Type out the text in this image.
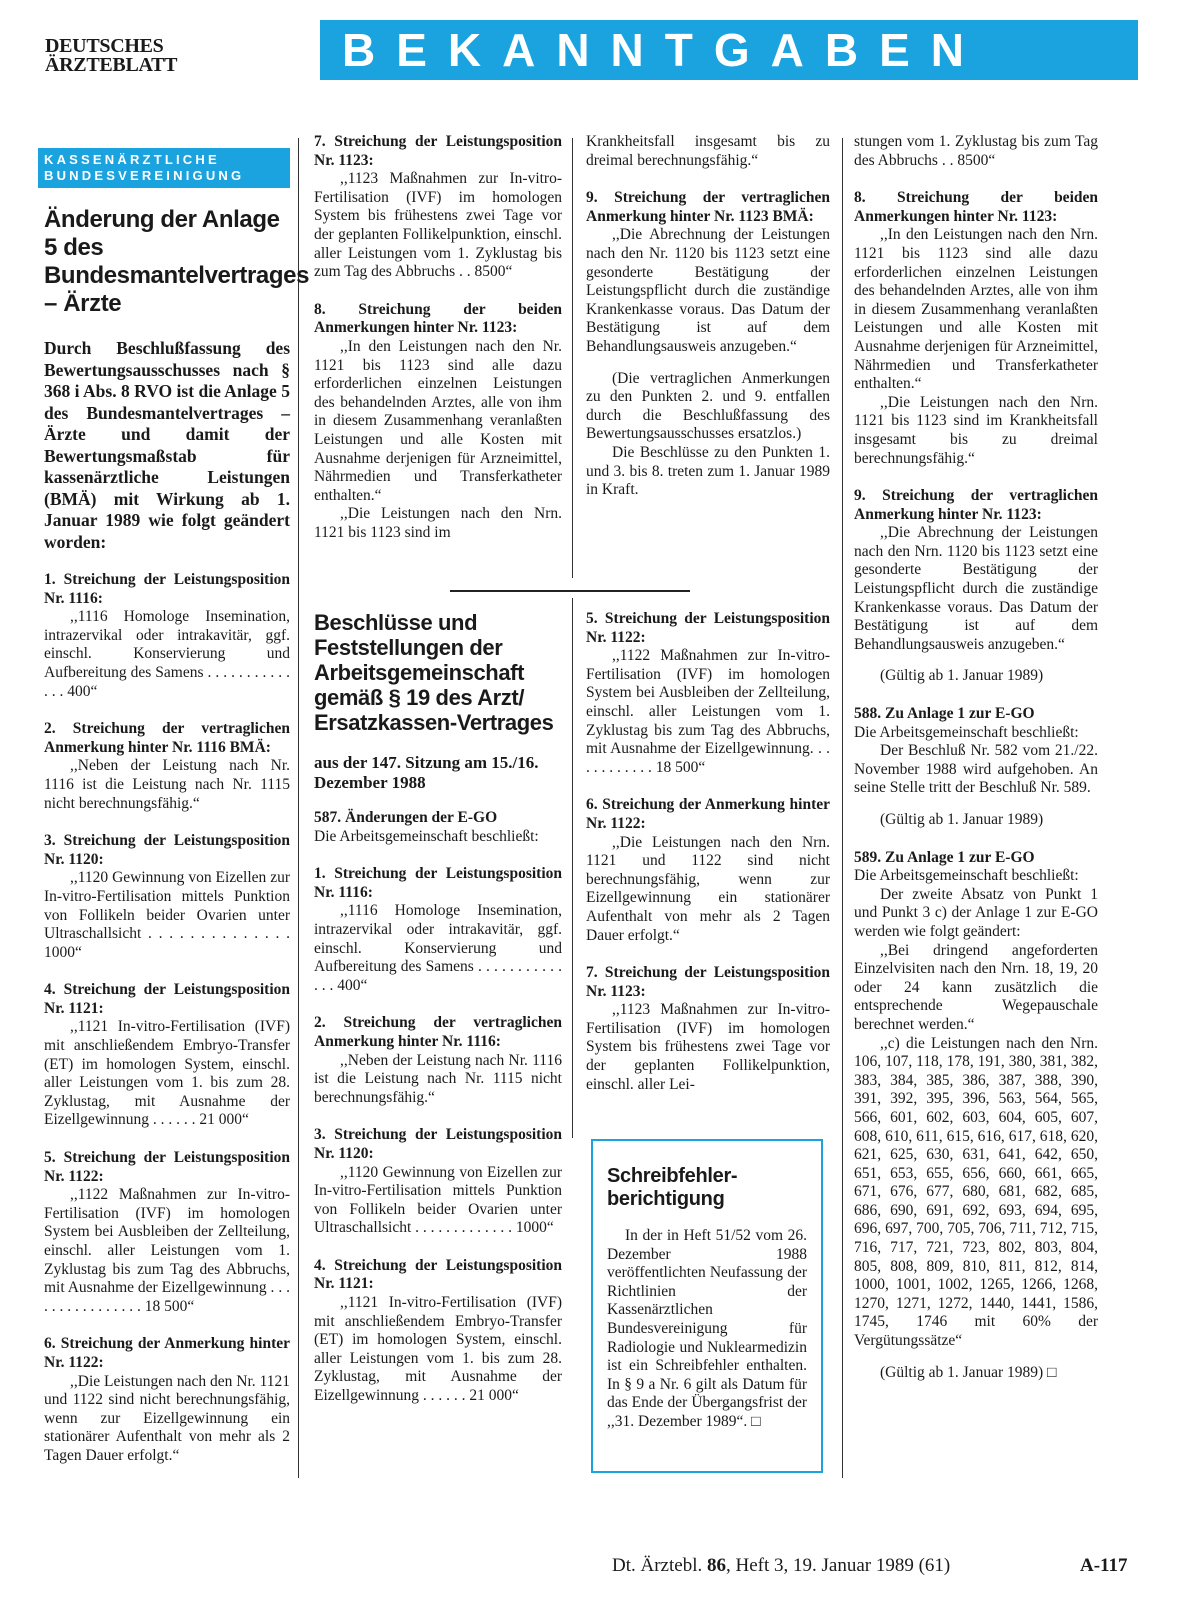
DEUTSCHES
ÄRZTEBLATT	BEKANNTGABEN
KASSENÄRZTLICHE
BUNDESVEREINIGUNG
Änderung der Anlage 5 des Bundesmantelvertrages – Ärzte
Durch Beschlußfassung des Bewertungsausschusses nach § 368 i Abs. 8 RVO ist die Anlage 5 des Bundesmantelvertrages – Ärzte und damit der Bewertungsmaßstab für kassenärztliche Leistungen (BMÄ) mit Wirkung ab 1. Januar 1989 wie folgt geändert worden:

1. Streichung der Leistungsposition Nr. 1116:

,,1116 Homologe Insemination, intrazervikal oder intrakavitär, ggf. einschl. Konservierung und Aufbereitung des Samens . . . . . . . . . . . . . . 400“

2. Streichung der vertraglichen Anmerkung hinter Nr. 1116 BMÄ:

,,Neben der Leistung nach Nr. 1116 ist die Leistung nach Nr. 1115 nicht berechnungsfähig.“

3. Streichung der Leistungsposition Nr. 1120:

,,1120 Gewinnung von Eizellen zur In-vitro-Fertilisation mittels Punktion von Follikeln beider Ovarien unter Ultraschallsicht . . . . . . . . . . . . . . 1000“

4. Streichung der Leistungsposition Nr. 1121:

,,1121 In-vitro-Fertilisation (IVF) mit anschließendem Embryo-Transfer (ET) im homologen System, einschl. aller Leistungen vom 1. bis zum 28. Zyklustag, mit Ausnahme der Eizellgewinnung . . . . . . 21 000“

5. Streichung der Leistungsposition Nr. 1122:

,,1122 Maßnahmen zur In-vitro-Fertilisation (IVF) im homologen System bei Ausbleiben der Zellteilung, einschl. aller Leistungen vom 1. Zyklustag bis zum Tag des Abbruchs, mit Ausnahme der Eizellgewinnung . . . . . . . . . . . . . . . . 18 500“

6. Streichung der Anmerkung hinter Nr. 1122:

,,Die Leistungen nach den Nr. 1121 und 1122 sind nicht berechnungsfähig, wenn zur Eizellgewinnung ein stationärer Aufenthalt von mehr als 2 Tagen Dauer erfolgt.“

7. Streichung der Leistungsposition Nr. 1123:

,,1123 Maßnahmen zur In-vitro-Fertilisation (IVF) im homologen System bis frühestens zwei Tage vor der geplanten Follikelpunktion, einschl. aller Leistungen vom 1. Zyklustag bis zum Tag des Abbruchs . . 8500“

8. Streichung der beiden Anmerkungen hinter Nr. 1123:

,,In den Leistungen nach den Nr. 1121 bis 1123 sind alle dazu erforderlichen einzelnen Leistungen des behandelnden Arztes, alle von ihm in diesem Zusammenhang veranlaßten Leistungen und alle Kosten mit Ausnahme derjenigen für Arzneimittel, Nährmedien und Transferkatheter enthalten.“

,,Die Leistungen nach den Nrn. 1121 bis 1123 sind im

Beschlüsse und Feststellungen der Arbeitsgemeinschaft gemäß § 19 des Arzt/ Ersatzkassen-Vertrages
aus der 147. Sitzung am 15./16. Dezember 1988

587. Änderungen der E-GO

Die Arbeitsgemeinschaft beschließt:

1. Streichung der Leistungsposition Nr. 1116:

,,1116 Homologe Insemination, intrazervikal oder intrakavitär, ggf. einschl. Konservierung und Aufbereitung des Samens . . . . . . . . . . . . . . 400“

2. Streichung der vertraglichen Anmerkung hinter Nr. 1116:

,,Neben der Leistung nach Nr. 1116 ist die Leistung nach Nr. 1115 nicht berechnungsfähig.“

3. Streichung der Leistungsposition Nr. 1120:

,,1120 Gewinnung von Eizellen zur In-vitro-Fertilisation mittels Punktion von Follikeln beider Ovarien unter Ultraschallsicht . . . . . . . . . . . . . 1000“

4. Streichung der Leistungsposition Nr. 1121:

,,1121 In-vitro-Fertilisation (IVF) mit anschließendem Embryo-Transfer (ET) im homologen System, einschl. aller Leistungen vom 1. bis zum 28. Zyklustag, mit Ausnahme der Eizellgewinnung . . . . . . 21 000“

Krankheitsfall insgesamt bis zu dreimal berechnungsfähig.“

9. Streichung der vertraglichen Anmerkung hinter Nr. 1123 BMÄ:

,,Die Abrechnung der Leistungen nach den Nr. 1120 bis 1123 setzt eine gesonderte Bestätigung der Leistungspflicht durch die zuständige Krankenkasse voraus. Das Datum der Bestätigung ist auf dem Behandlungsausweis anzugeben.“

(Die vertraglichen Anmerkungen zu den Punkten 2. und 9. entfallen durch die Beschlußfassung des Bewertungsausschusses ersatzlos.)

Die Beschlüsse zu den Punkten 1. und 3. bis 8. treten zum 1. Januar 1989 in Kraft.

5. Streichung der Leistungsposition Nr. 1122:

,,1122 Maßnahmen zur In-vitro-Fertilisation (IVF) im homologen System bei Ausbleiben der Zellteilung, einschl. aller Leistungen vom 1. Zyklustag bis zum Tag des Abbruchs, mit Ausnahme der Eizellgewinnung. . . . . . . . . . . . 18 500“

6. Streichung der Anmerkung hinter Nr. 1122:

,,Die Leistungen nach den Nrn. 1121 und 1122 sind nicht berechnungsfähig, wenn zur Eizellgewinnung ein stationärer Aufenthalt von mehr als 2 Tagen Dauer erfolgt.“

7. Streichung der Leistungsposition Nr. 1123:

,,1123 Maßnahmen zur In-vitro-Fertilisation (IVF) im homologen System bis frühestens zwei Tage vor der geplanten Follikelpunktion, einschl. aller Lei-

Schreibfehler-berichtigung
In der in Heft 51/52 vom 26. Dezember 1988 veröffentlichten Neufassung der Richtlinien der Kassenärztlichen Bundesvereinigung für Radiologie und Nuklearmedizin ist ein Schreibfehler enthalten. In § 9 a Nr. 6 gilt als Datum für das Ende der Übergangsfrist der ,,31. Dezember 1989“. □

stungen vom 1. Zyklustag bis zum Tag des Abbruchs . . 8500“

8. Streichung der beiden Anmerkungen hinter Nr. 1123:

,,In den Leistungen nach den Nrn. 1121 bis 1123 sind alle dazu erforderlichen einzelnen Leistungen des behandelnden Arztes, alle von ihm in diesem Zusammenhang veranlaßten Leistungen und alle Kosten mit Ausnahme derjenigen für Arzneimittel, Nährmedien und Transferkatheter enthalten.“

,,Die Leistungen nach den Nrn. 1121 bis 1123 sind im Krankheitsfall insgesamt bis zu dreimal berechnungsfähig.“

9. Streichung der vertraglichen Anmerkung hinter Nr. 1123:

,,Die Abrechnung der Leistungen nach den Nrn. 1120 bis 1123 setzt eine gesonderte Bestätigung der Leistungspflicht durch die zuständige Krankenkasse voraus. Das Datum der Bestätigung ist auf dem Behandlungsausweis anzugeben.“

(Gültig ab 1. Januar 1989)

588. Zu Anlage 1 zur E-GO

Die Arbeitsgemeinschaft beschließt:

Der Beschluß Nr. 582 vom 21./22. November 1988 wird aufgehoben. An seine Stelle tritt der Beschluß Nr. 589.

(Gültig ab 1. Januar 1989)

589. Zu Anlage 1 zur E-GO

Die Arbeitsgemeinschaft beschließt:

Der zweite Absatz von Punkt 1 und Punkt 3 c) der Anlage 1 zur E-GO werden wie folgt geändert:

,,Bei dringend angeforderten Einzelvisiten nach den Nrn. 18, 19, 20 oder 24 kann zusätzlich die entsprechende Wegepauschale berechnet werden.“

,,c) die Leistungen nach den Nrn. 106, 107, 118, 178, 191, 380, 381, 382, 383, 384, 385, 386, 387, 388, 390, 391, 392, 395, 396, 563, 564, 565, 566, 601, 602, 603, 604, 605, 607, 608, 610, 611, 615, 616, 617, 618, 620, 621, 625, 630, 631, 641, 642, 650, 651, 653, 655, 656, 660, 661, 665, 671, 676, 677, 680, 681, 682, 685, 686, 690, 691, 692, 693, 694, 695, 696, 697, 700, 705, 706, 711, 712, 715, 716, 717, 721, 723, 802, 803, 804, 805, 808, 809, 810, 811, 812, 814, 1000, 1001, 1002, 1265, 1266, 1268, 1270, 1271, 1272, 1440, 1441, 1586, 1745, 1746 mit 60% der Vergütungssätze“

(Gültig ab 1. Januar 1989) □

Dt. Ärztebl. 86, Heft 3, 19. Januar 1989 (61)	A-117
